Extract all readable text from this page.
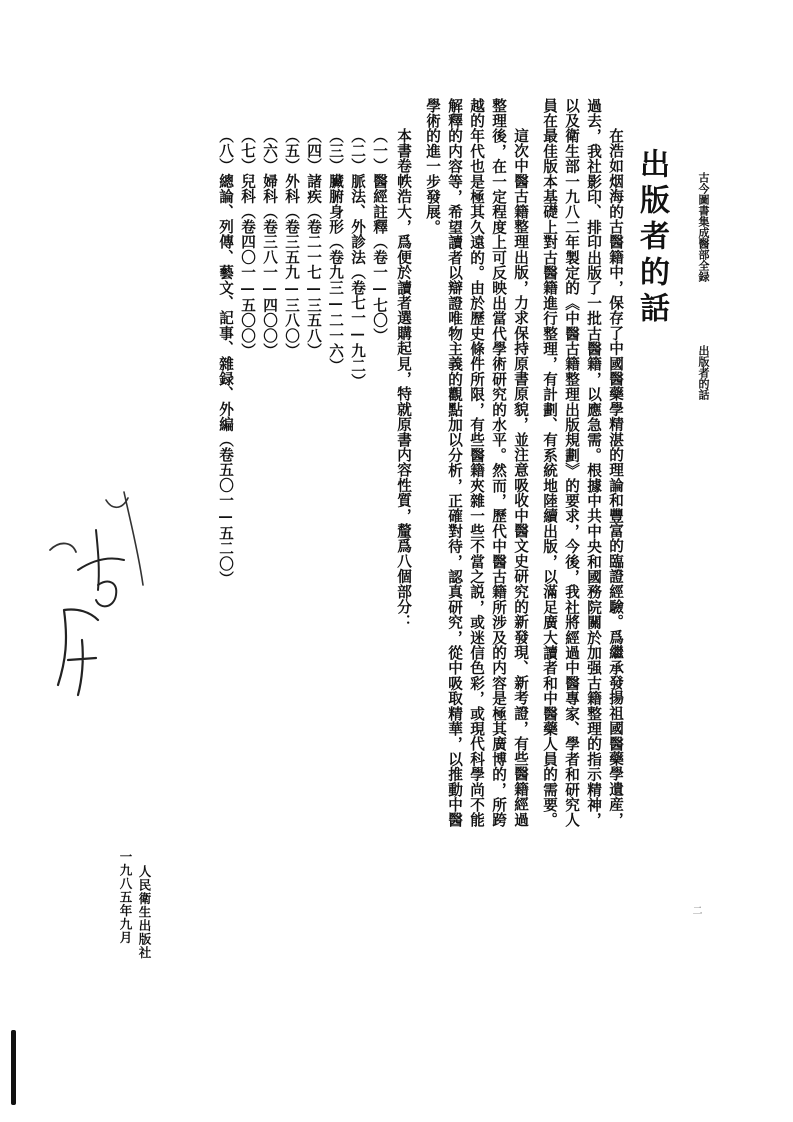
古今圖書集成醫部全録
出版者的話
出版者的話
在浩如烟海的古醫籍中，保存了中國醫藥學精湛的理論和豐富的臨證經驗。爲繼承發揚祖國醫藥學遺産，
過去，我社影印、排印出版了一批古醫籍，以應急需。根據中共中央和國務院關於加强古籍整理的指示精神，
以及衛生部一九八二年製定的《中醫古籍整理出版規劃》的要求，今後，我社將經過中醫專家、學者和研究人
員在最佳版本基礎上對古醫籍進行整理，有計劃、有系統地陸續出版，以滿足廣大讀者和中醫藥人員的需要。
這次中醫古籍整理出版，力求保持原書原貌，並注意吸收中醫文史研究的新發現、新考證，有些醫籍經過
整理後，在一定程度上可反映出當代學術研究的水平。然而，歷代中醫古籍所涉及的内容是極其廣博的，所跨
越的年代也是極其久遠的。由於歷史條件所限，有些醫籍夾雜一些不當之説，或迷信色彩，或現代科學尚不能
解釋的内容等，希望讀者以辯證唯物主義的觀點加以分析，正確對待，認真研究，從中吸取精華，以推動中醫
學術的進一步發展。
本書卷帙浩大，爲便於讀者選購起見，特就原書内容性質，釐爲八個部分：
（一）醫經註釋（卷一—七〇）
（二）脈法、外診法（卷七一—九二）
（三）臟腑身形（卷九三—二一六）
（四）諸疾（卷二一七—三五八）
（五）外科（卷三五九—三八〇）
（六）婦科（卷三八一—四〇〇）
（七）兒科（卷四〇一—五〇〇）
（八）總論、列傳、藝文、記事、雜録、外編（卷五〇一—五二〇）
人民衛生出版社
一九八五年九月	二
